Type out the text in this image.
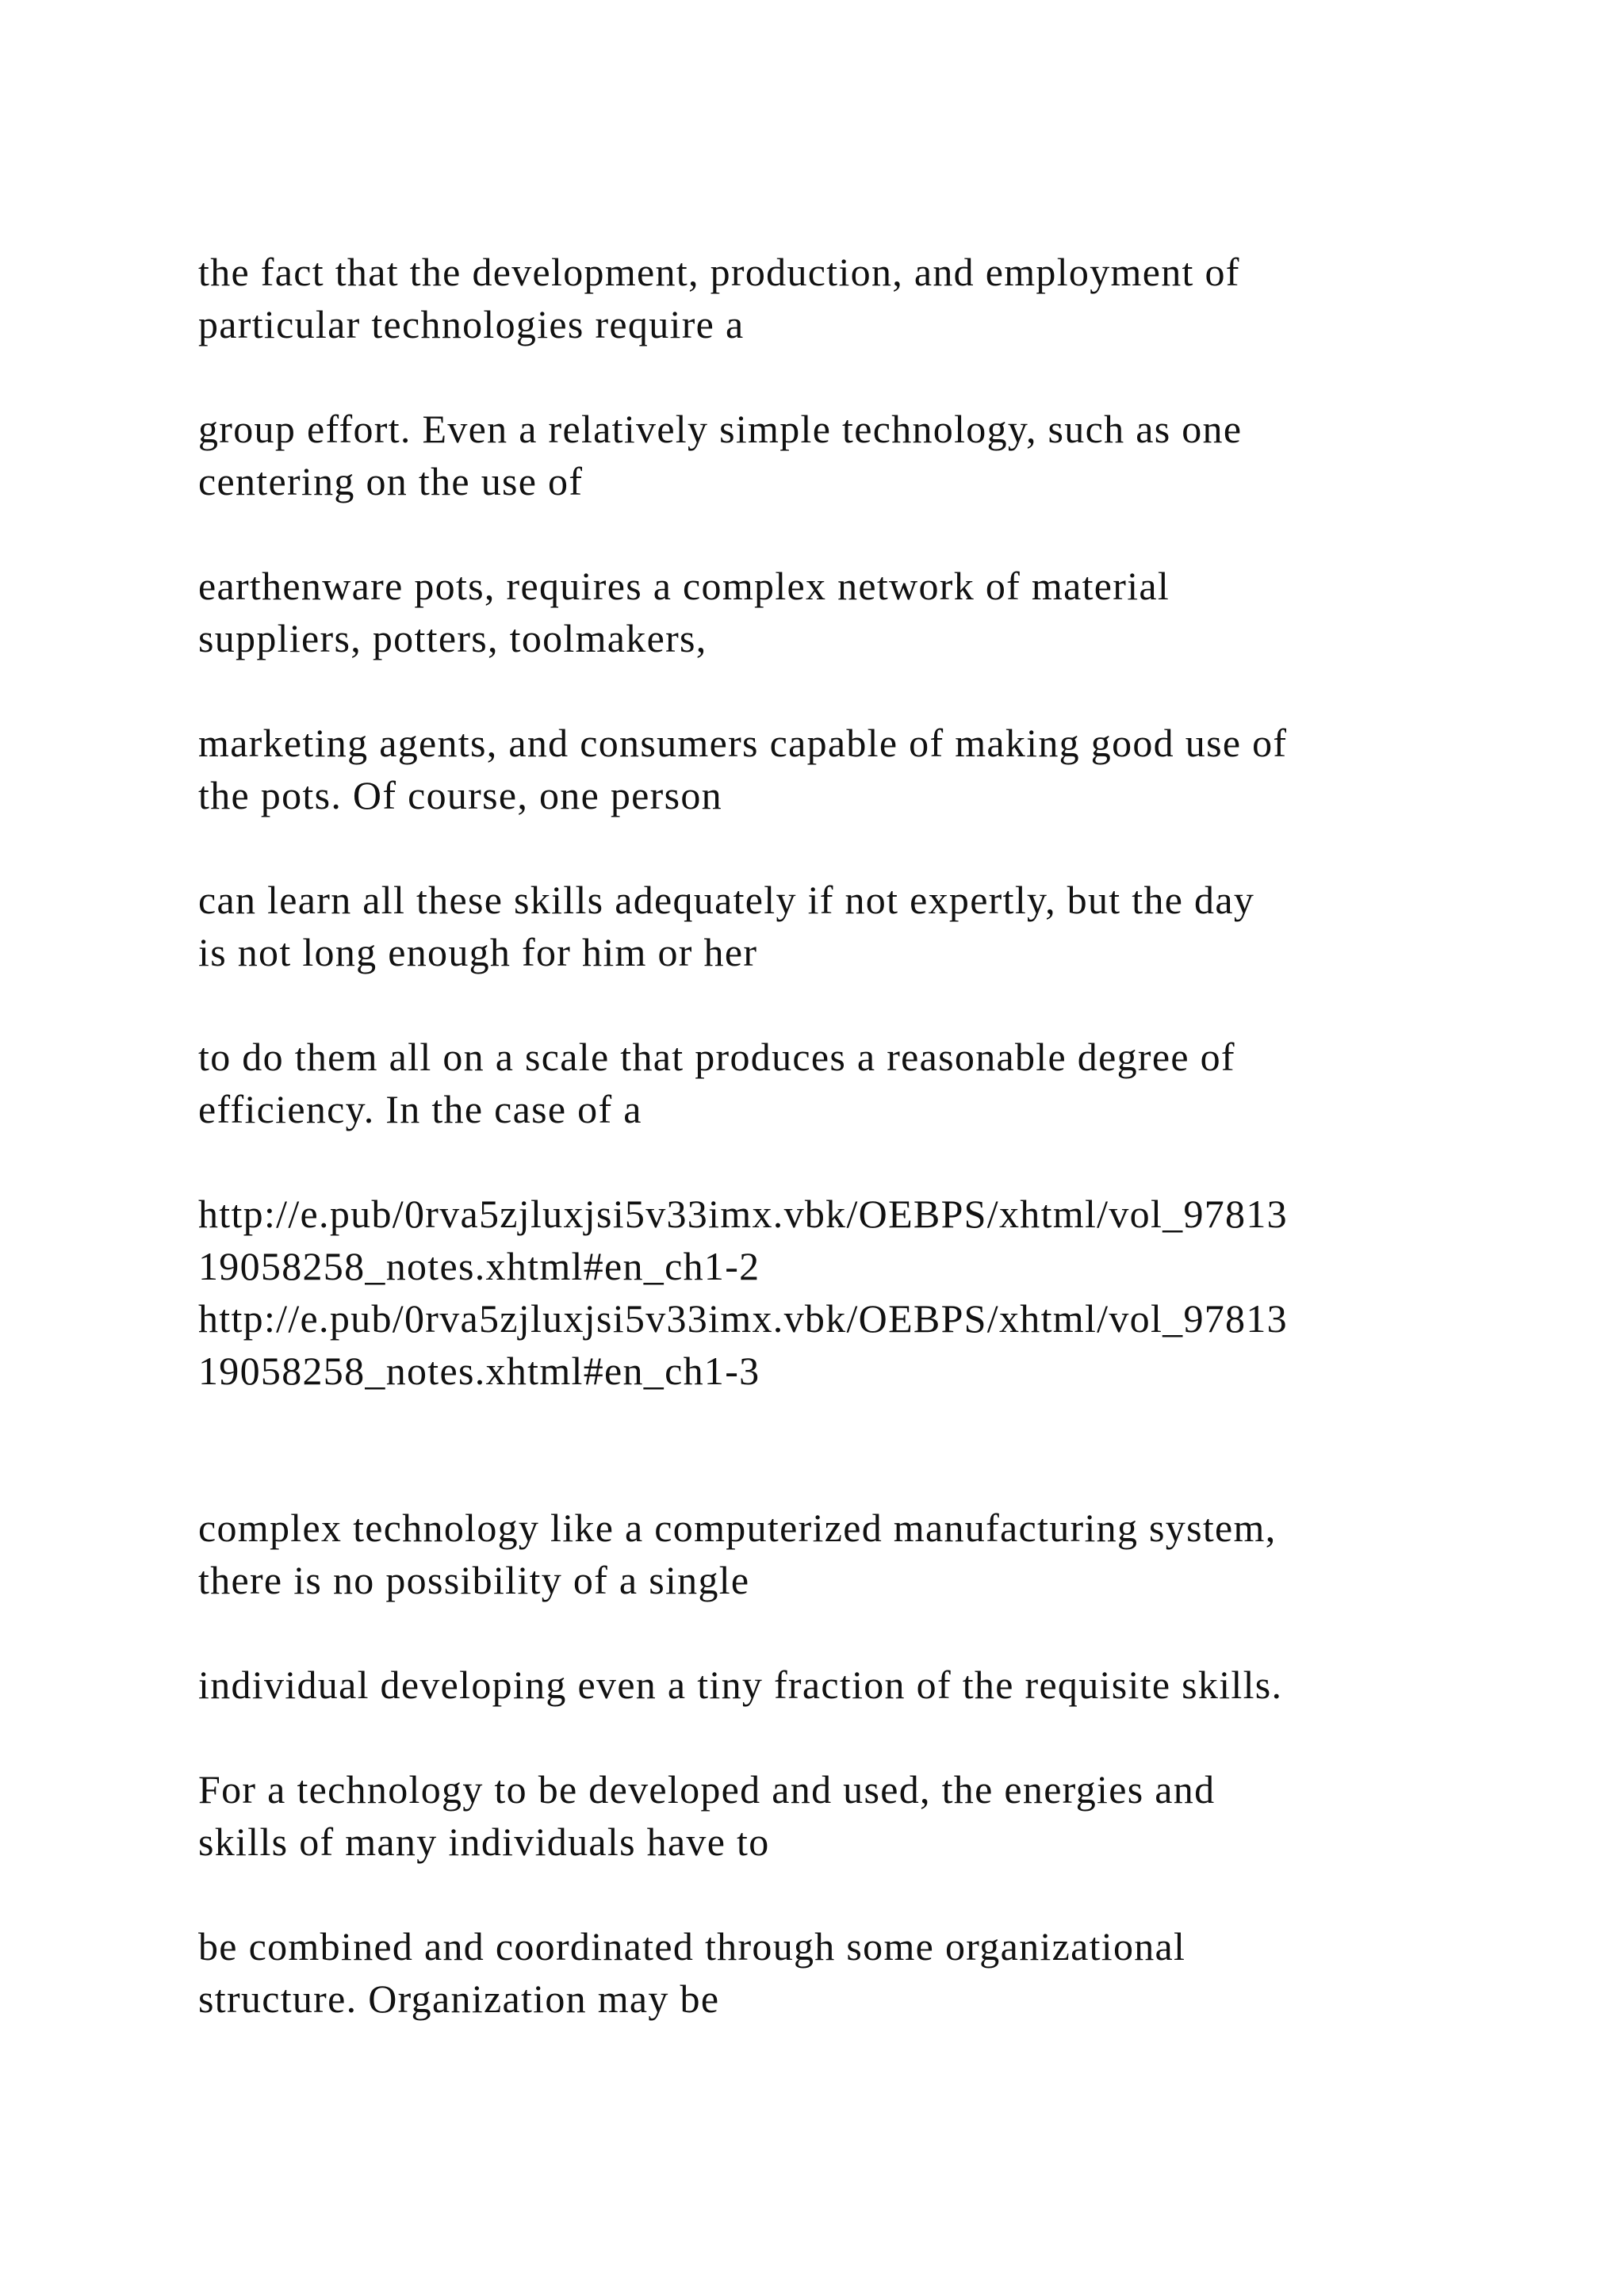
the fact that the development, production, and employment of
particular technologies require a
group effort. Even a relatively simple technology, such as one
centering on the use of
earthenware pots, requires a complex network of material
suppliers, potters, toolmakers,
marketing agents, and consumers capable of making good use of
the pots. Of course, one person
can learn all these skills adequately if not expertly, but the day
is not long enough for him or her
to do them all on a scale that produces a reasonable degree of
efficiency. In the case of a
http://e.pub/0rva5zjluxjsi5v33imx.vbk/OEBPS/xhtml/vol_97813
19058258_notes.xhtml#en_ch1-2
http://e.pub/0rva5zjluxjsi5v33imx.vbk/OEBPS/xhtml/vol_97813
19058258_notes.xhtml#en_ch1-3
complex technology like a computerized manufacturing system,
there is no possibility of a single
individual developing even a tiny fraction of the requisite skills.
For a technology to be developed and used, the energies and
skills of many individuals have to
be combined and coordinated through some organizational
structure. Organization may be
